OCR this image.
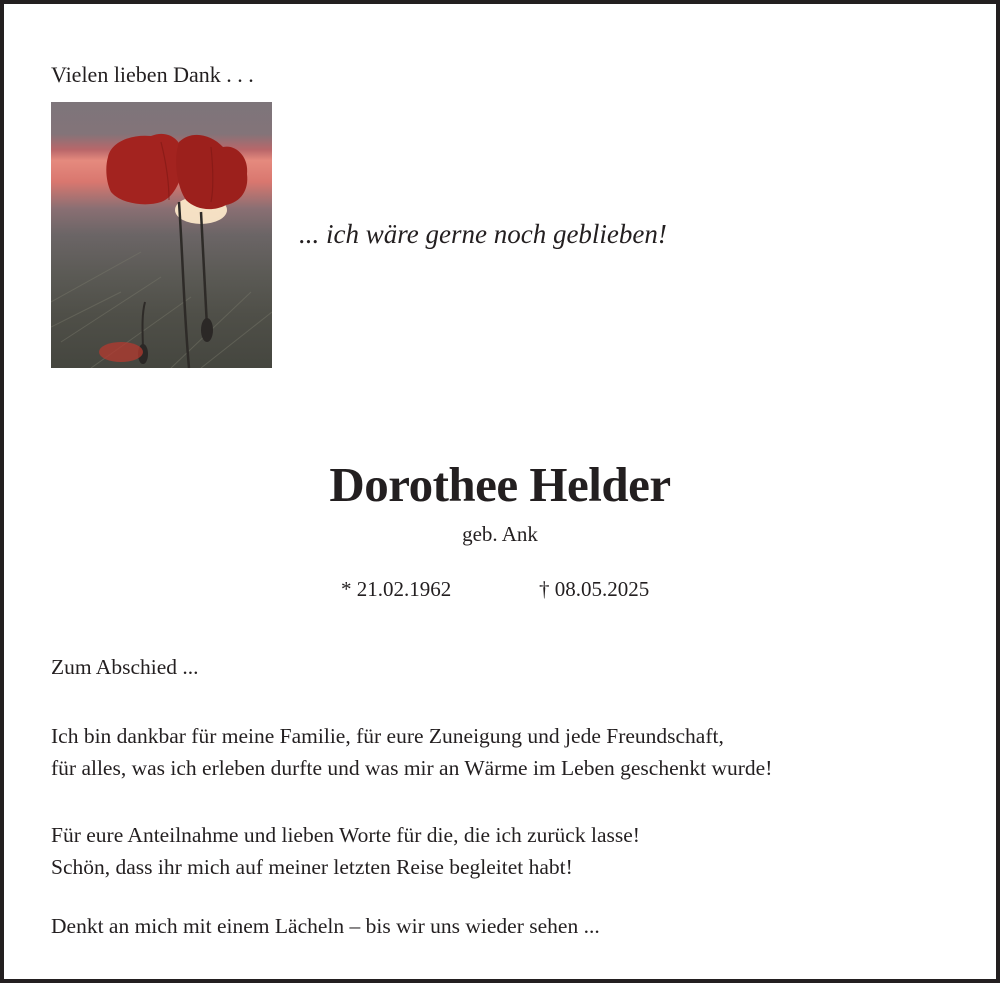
Vielen lieben Dank . . .
... ich wäre gerne noch geblieben!
Dorothee Helder
geb. Ank
* 21.02.1962	† 08.05.2025
Zum Abschied ...
Ich bin dankbar für meine Familie, für eure Zuneigung und jede Freundschaft,
für alles, was ich erleben durfte und was mir an Wärme im Leben geschenkt wurde!
Für eure Anteilnahme und lieben Worte für die, die ich zurück lasse!
Schön, dass ihr mich auf meiner letzten Reise begleitet habt!
Denkt an mich mit einem Lächeln – bis wir uns wieder sehen ...
